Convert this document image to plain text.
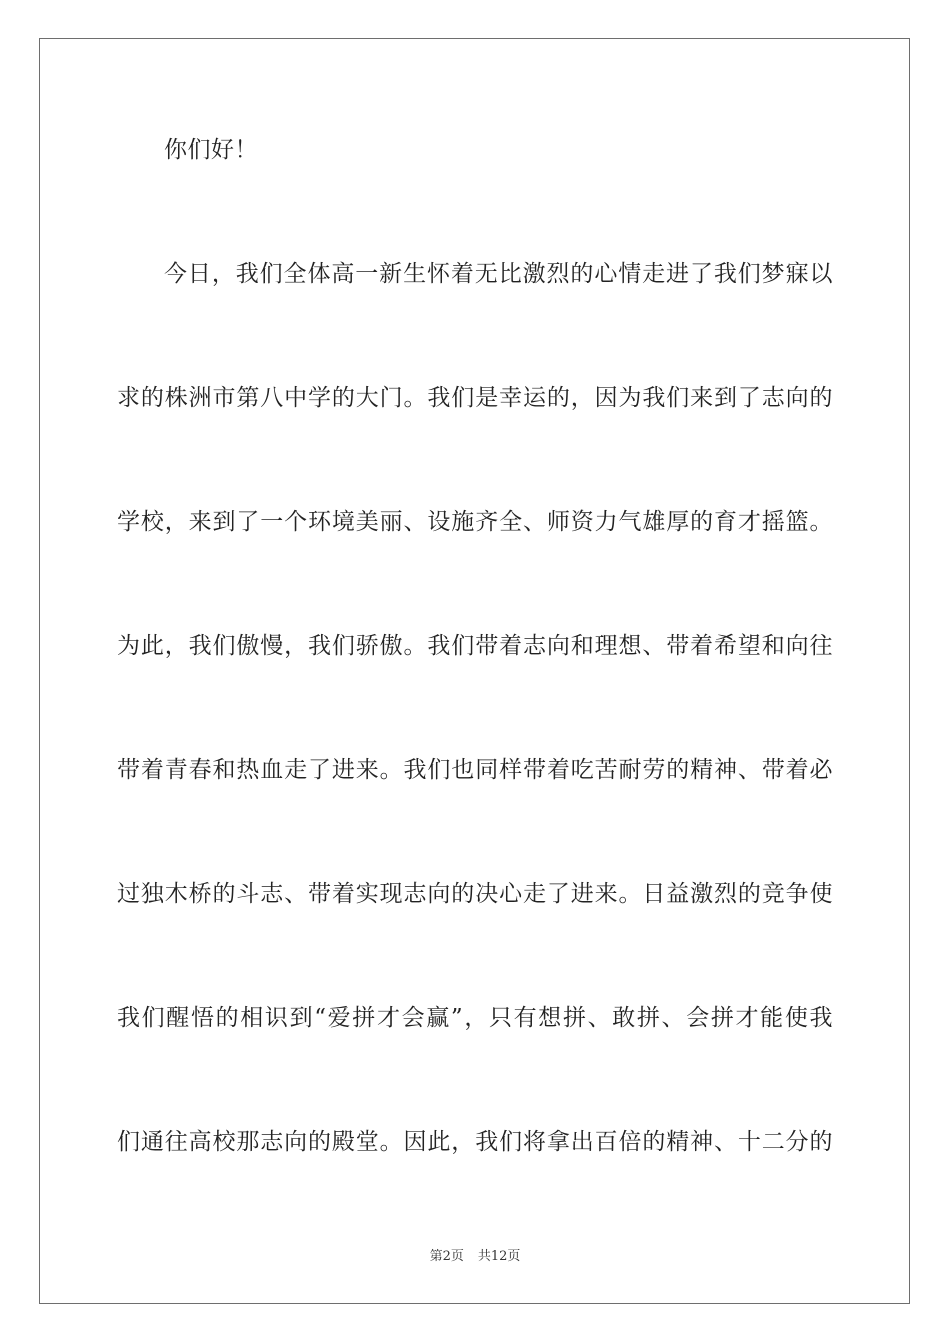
你们好！
今日，我们全体高一新生怀着无比激烈的心情走进了我们梦寐以
求的株洲市第八中学的大门。我们是幸运的，因为我们来到了志向的
学校，来到了一个环境美丽、设施齐全、师资力气雄厚的育才摇篮。
为此，我们傲慢，我们骄傲。我们带着志向和理想、带着希望和向往
带着青春和热血走了进来。我们也同样带着吃苦耐劳的精神、带着必
过独木桥的斗志、带着实现志向的决心走了进来。日益激烈的竞争使
我们醒悟的相识到“爱拼才会赢”，只有想拼、敢拼、会拼才能使我
们通往高校那志向的殿堂。因此，我们将拿出百倍的精神、十二分的
第2页 共12页
